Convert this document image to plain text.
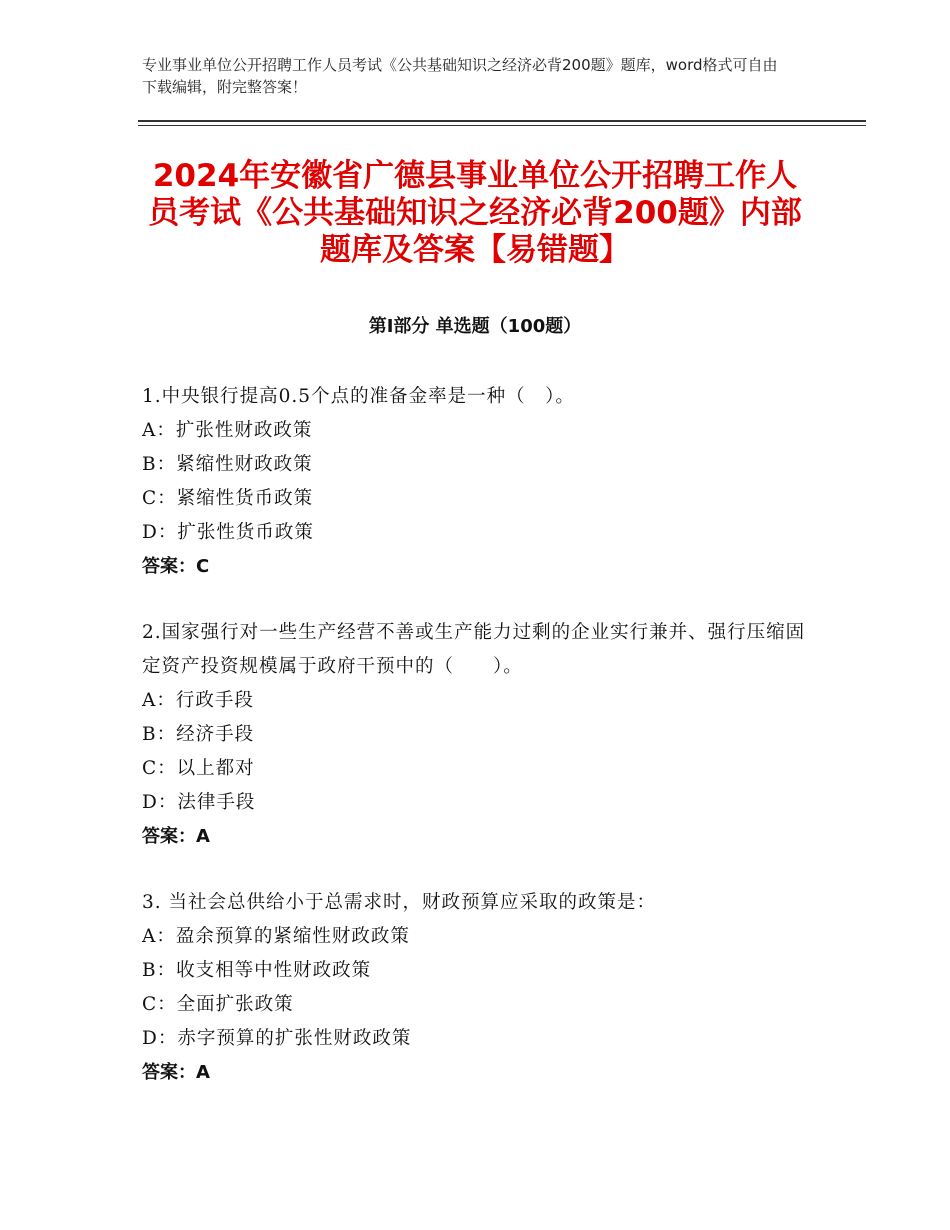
专业事业单位公开招聘工作人员考试《公共基础知识之经济必背200题》题库，word格式可自由下载编辑，附完整答案！
2024年安徽省广德县事业单位公开招聘工作人员考试《公共基础知识之经济必背200题》内部题库及答案【易错题】
第Ⅰ部分 单选题（100题）
1.中央银行提高0.5个点的准备金率是一种（　）。
A：扩张性财政政策
B：紧缩性财政政策
C：紧缩性货币政策
D：扩张性货币政策
答案：C
2.国家强行对一些生产经营不善或生产能力过剩的企业实行兼并、强行压缩固定资产投资规模属于政府干预中的（　　）。
A：行政手段
B：经济手段
C：以上都对
D：法律手段
答案：A
3. 当社会总供给小于总需求时，财政预算应采取的政策是：
A：盈余预算的紧缩性财政政策
B：收支相等中性财政政策
C：全面扩张政策
D：赤字预算的扩张性财政政策
答案：A
